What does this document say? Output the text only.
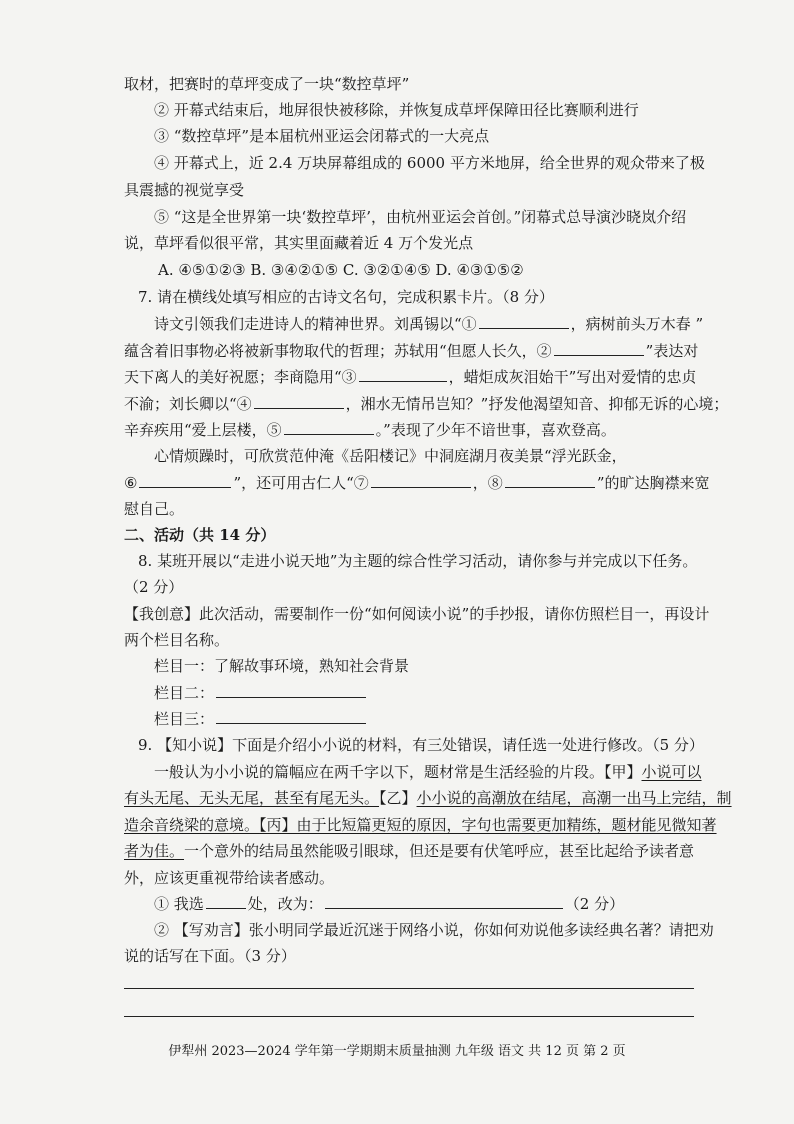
取材，把赛时的草坪变成了一块“数控草坪”
② 开幕式结束后，地屏很快被移除，并恢复成草坪保障田径比赛顺利进行
③ “数控草坪”是本届杭州亚运会闭幕式的一大亮点
④ 开幕式上，近 2.4 万块屏幕组成的 6000 平方米地屏，给全世界的观众带来了极
具震撼的视觉享受
⑤ “这是全世界第一块‘数控草坪’，由杭州亚运会首创。”闭幕式总导演沙晓岚介绍
说，草坪看似很平常，其实里面藏着近 4 万个发光点
A. ④⑤①②③ B. ③④②①⑤ C. ③②①④⑤ D. ④③①⑤②
7. 请在横线处填写相应的古诗文名句，完成积累卡片。（8 分）
诗文引领我们走进诗人的精神世界。刘禹锡以“①	，病树前头万木春 ”
蕴含着旧事物必将被新事物取代的哲理；苏轼用“但愿人长久，②	”表达对
天下离人的美好祝愿；李商隐用“③	，蜡炬成灰泪始干”写出对爱情的忠贞
不渝；刘长卿以“④	，湘水无情吊岂知？”抒发他渴望知音、抑郁无诉的心境；
辛弃疾用“爱上层楼，⑤	。”表现了少年不谙世事，喜欢登高。
心情烦躁时，可欣赏范仲淹《岳阳楼记》中洞庭湖月夜美景“浮光跃金，
⑥	”，还可用古仁人“⑦	，⑧	”的旷达胸襟来宽
慰自己。
二、活动（共 14 分）
8. 某班开展以“走进小说天地”为主题的综合性学习活动，请你参与并完成以下任务。
（2 分）
【我创意】此次活动，需要制作一份“如何阅读小说”的手抄报，请你仿照栏目一，再设计
两个栏目名称。
栏目一：了解故事环境，熟知社会背景
栏目二：
栏目三：
9. 【知小说】下面是介绍小小说的材料，有三处错误，请任选一处进行修改。（5 分）
一般认为小小说的篇幅应在两千字以下，题材常是生活经验的片段。【甲】小说可以
有头无尾、无头无尾，甚至有尾无头。【乙】小小说的高潮放在结尾，高潮一出马上完结，制
造余音绕梁的意境。【丙】由于比短篇更短的原因，字句也需要更加精练，题材能见微知著
者为佳。一个意外的结局虽然能吸引眼球，但还是要有伏笔呼应，甚至比起给予读者意
外，应该更重视带给读者感动。
① 我选	处，改为：	（2 分）
② 【写劝言】张小明同学最近沉迷于网络小说，你如何劝说他多读经典名著？请把劝
说的话写在下面。（3 分）
伊犁州 2023—2024 学年第一学期期末质量抽测 九年级 语文 共 12 页 第 2 页
